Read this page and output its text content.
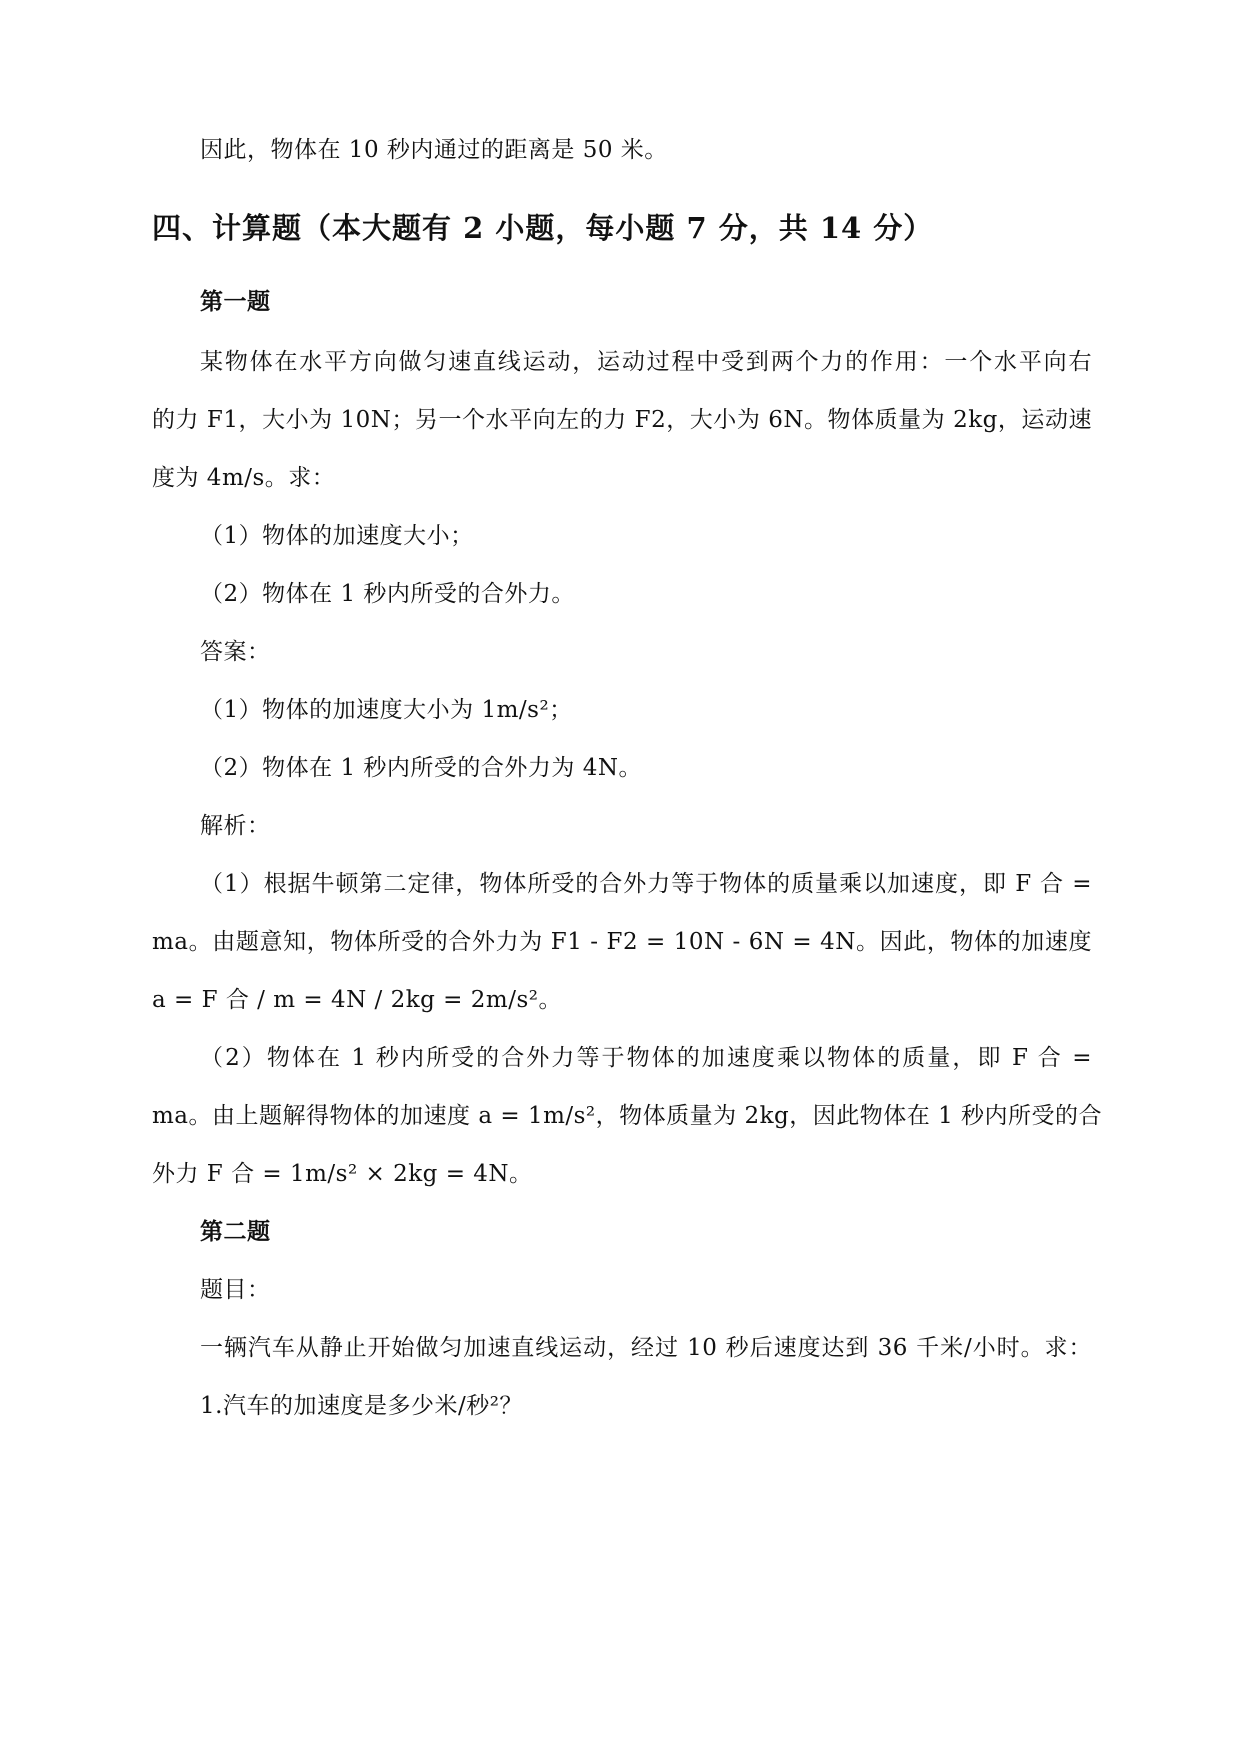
因此，物体在 10 秒内通过的距离是 50 米。
四、计算题（本大题有 2 小题，每小题 7 分，共 14 分）
第一题
某物体在水平方向做匀速直线运动，运动过程中受到两个力的作用：一个水平向右
的力 F1，大小为 10N；另一个水平向左的力 F2，大小为 6N。物体质量为 2kg，运动速
度为 4m/s。求：
（1）物体的加速度大小；
（2）物体在 1 秒内所受的合外力。
答案：
（1）物体的加速度大小为 1m/s²；
（2）物体在 1 秒内所受的合外力为 4N。
解析：
（1）根据牛顿第二定律，物体所受的合外力等于物体的质量乘以加速度，即 F 合 =
ma。由题意知，物体所受的合外力为 F1 - F2 = 10N - 6N = 4N。因此，物体的加速度
a = F 合 / m = 4N / 2kg = 2m/s²。
（2）物体在 1 秒内所受的合外力等于物体的加速度乘以物体的质量，即 F 合 =
ma。由上题解得物体的加速度 a = 1m/s²，物体质量为 2kg，因此物体在 1 秒内所受的合
外力 F 合 = 1m/s² × 2kg = 4N。
第二题
题目：
一辆汽车从静止开始做匀加速直线运动，经过 10 秒后速度达到 36 千米/小时。求：
1.汽车的加速度是多少米/秒²？
